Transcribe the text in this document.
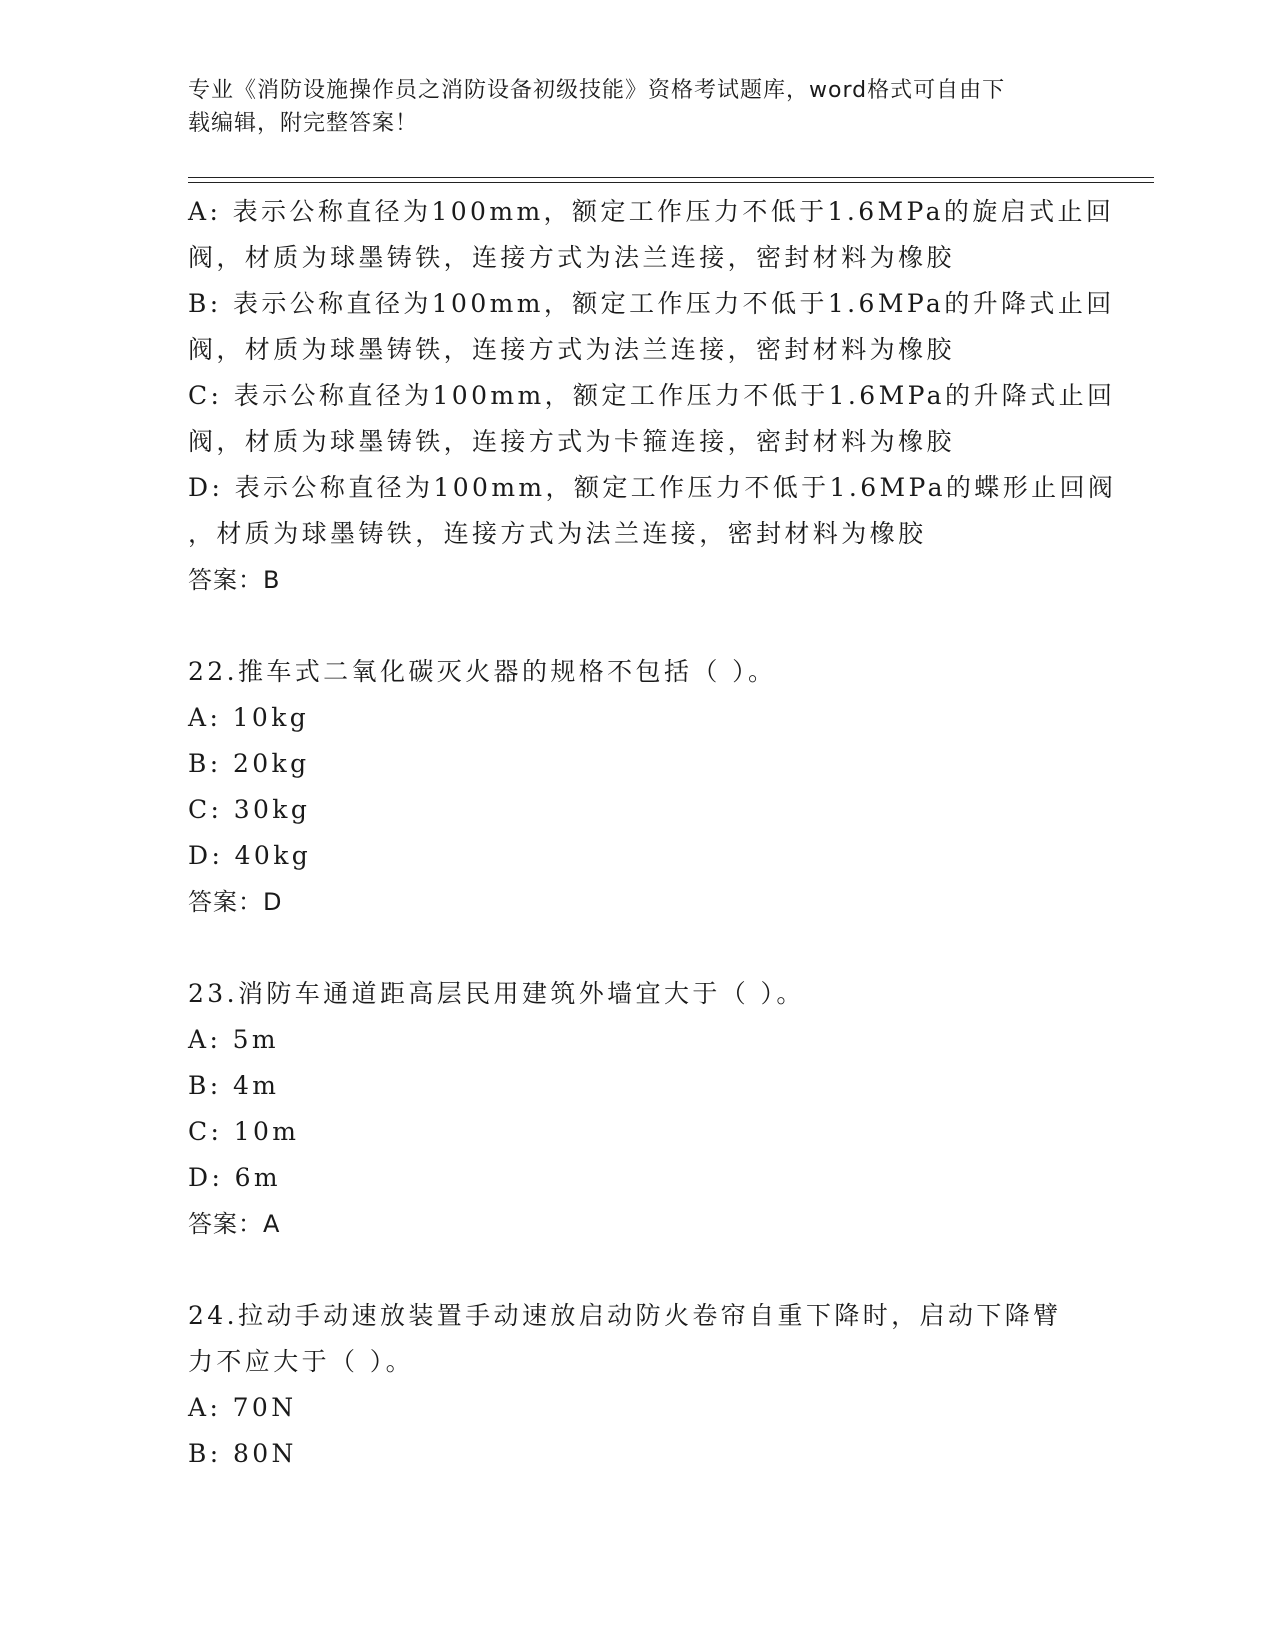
专业《消防设施操作员之消防设备初级技能》资格考试题库，word格式可自由下
载编辑，附完整答案！
A: 表示公称直径为100mm，额定工作压力不低于1.6MPa的旋启式止回
阀，材质为球墨铸铁，连接方式为法兰连接，密封材料为橡胶
B: 表示公称直径为100mm，额定工作压力不低于1.6MPa的升降式止回
阀，材质为球墨铸铁，连接方式为法兰连接，密封材料为橡胶
C: 表示公称直径为100mm，额定工作压力不低于1.6MPa的升降式止回
阀，材质为球墨铸铁，连接方式为卡箍连接，密封材料为橡胶
D: 表示公称直径为100mm，额定工作压力不低于1.6MPa的蝶形止回阀
，材质为球墨铸铁，连接方式为法兰连接，密封材料为橡胶
答案：B
22.推车式二氧化碳灭火器的规格不包括（ ）。
A: 10kg
B: 20kg
C: 30kg
D: 40kg
答案：D
23.消防车通道距高层民用建筑外墙宜大于（ ）。
A: 5m
B: 4m
C: 10m
D: 6m
答案：A
24.拉动手动速放装置手动速放启动防火卷帘自重下降时，启动下降臂
力不应大于（ ）。
A: 70N
B: 80N
